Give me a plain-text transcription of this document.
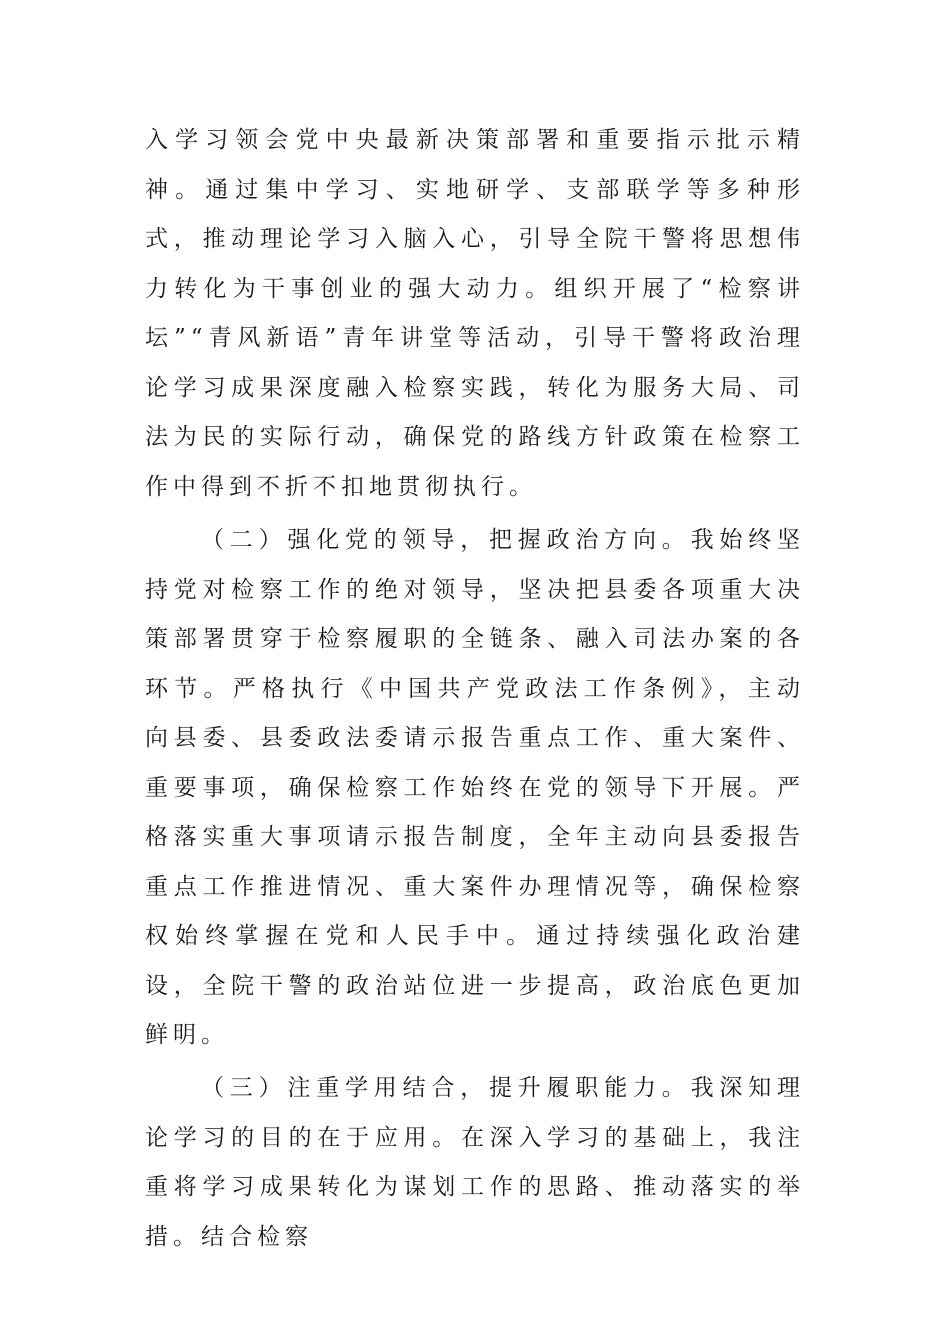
入学习领会党中央最新决策部署和重要指示批示精神。通过集中学习、实地研学、支部联学等多种形式，推动理论学习入脑入心，引导全院干警将思想伟力转化为干事创业的强大动力。组织开展了“检察讲坛”“青风新语”青年讲堂等活动，引导干警将政治理论学习成果深度融入检察实践，转化为服务大局、司法为民的实际行动，确保党的路线方针政策在检察工作中得到不折不扣地贯彻执行。

（二）强化党的领导，把握政治方向。我始终坚持党对检察工作的绝对领导，坚决把县委各项重大决策部署贯穿于检察履职的全链条、融入司法办案的各环节。严格执行《中国共产党政法工作条例》，主动向县委、县委政法委请示报告重点工作、重大案件、重要事项，确保检察工作始终在党的领导下开展。严格落实重大事项请示报告制度，全年主动向县委报告重点工作推进情况、重大案件办理情况等，确保检察权始终掌握在党和人民手中。通过持续强化政治建设，全院干警的政治站位进一步提高，政治底色更加鲜明。

（三）注重学用结合，提升履职能力。我深知理论学习的目的在于应用。在深入学习的基础上，我注重将学习成果转化为谋划工作的思路、推动落实的举措。结合检察
